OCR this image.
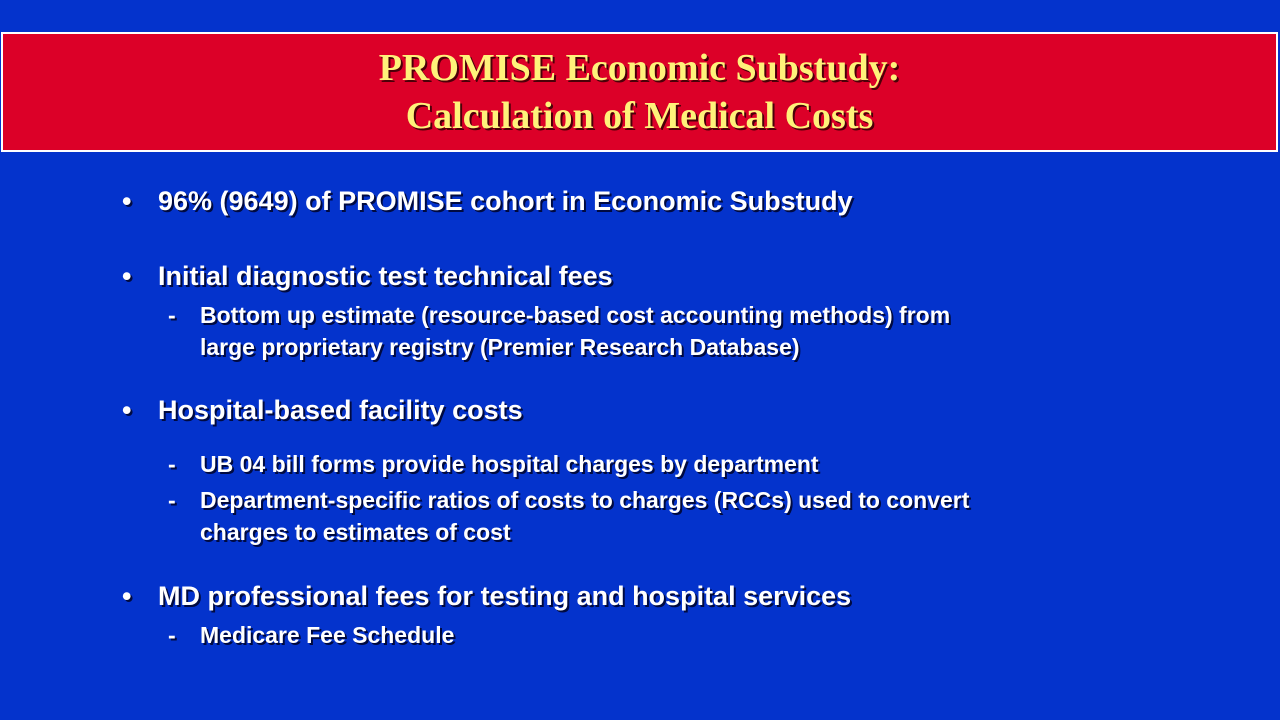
PROMISE Economic Substudy:
Calculation of Medical Costs
• 96% (9649) of PROMISE cohort in Economic Substudy
• Initial diagnostic test technical fees
- Bottom up estimate (resource-based cost accounting methods) from
large proprietary registry (Premier Research Database)
• Hospital-based facility costs
- UB 04 bill forms provide hospital charges by department
- Department-specific ratios of costs to charges (RCCs) used to convert
charges to estimates of cost
• MD professional fees for testing and hospital services
- Medicare Fee Schedule
